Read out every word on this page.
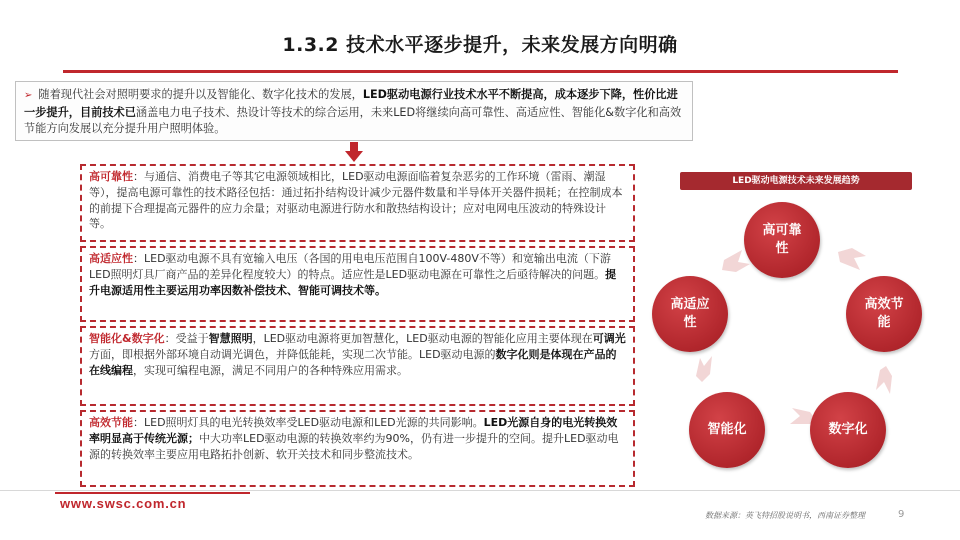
1.3.2 技术水平逐步提升，未来发展方向明确
➢ 随着现代社会对照明要求的提升以及智能化、数字化技术的发展，LED驱动电源行业技术水平不断提高，成本逐步下降，性价比进一步提升，目前技术已涵盖电力电子技术、热设计等技术的综合运用，未来LED将继续向高可靠性、高适应性、智能化&数字化和高效节能方向发展以充分提升用户照明体验。
高可靠性：与通信、消费电子等其它电源领域相比，LED驱动电源面临着复杂恶劣的工作环境（雷雨、潮湿等），提高电源可靠性的技术路径包括：通过拓扑结构设计减少元器件数量和半导体开关器件损耗；在控制成本的前提下合理提高元器件的应力余量；对驱动电源进行防水和散热结构设计；应对电网电压波动的特殊设计等。
高适应性：LED驱动电源不具有宽输入电压（各国的用电电压范围自100V-480V不等）和宽输出电流（下游LED照明灯具厂商产品的差异化程度较大）的特点。适应性是LED驱动电源在可靠性之后亟待解决的问题。提升电源适用性主要运用功率因数补偿技术、智能可调技术等。
智能化&数字化：受益于智慧照明，LED驱动电源将更加智慧化，LED驱动电源的智能化应用主要体现在可调光方面，即根据外部环境自动调光调色，并降低能耗，实现二次节能。LED驱动电源的数字化则是体现在产品的在线编程，实现可编程电源，满足不同用户的各种特殊应用需求。
高效节能：LED照明灯具的电光转换效率受LED驱动电源和LED光源的共同影响。LED光源自身的电光转换效率明显高于传统光源；中大功率LED驱动电源的转换效率约为90%，仍有进一步提升的空间。提升LED驱动电源的转换效率主要应用电路拓扑创新、软开关技术和同步整流技术。
LED驱动电源技术未来发展趋势
高可靠性
高效节能
数字化
智能化
高适应性
www.swsc.com.cn
数据来源：英飞特招股说明书，西南证券整理	9
